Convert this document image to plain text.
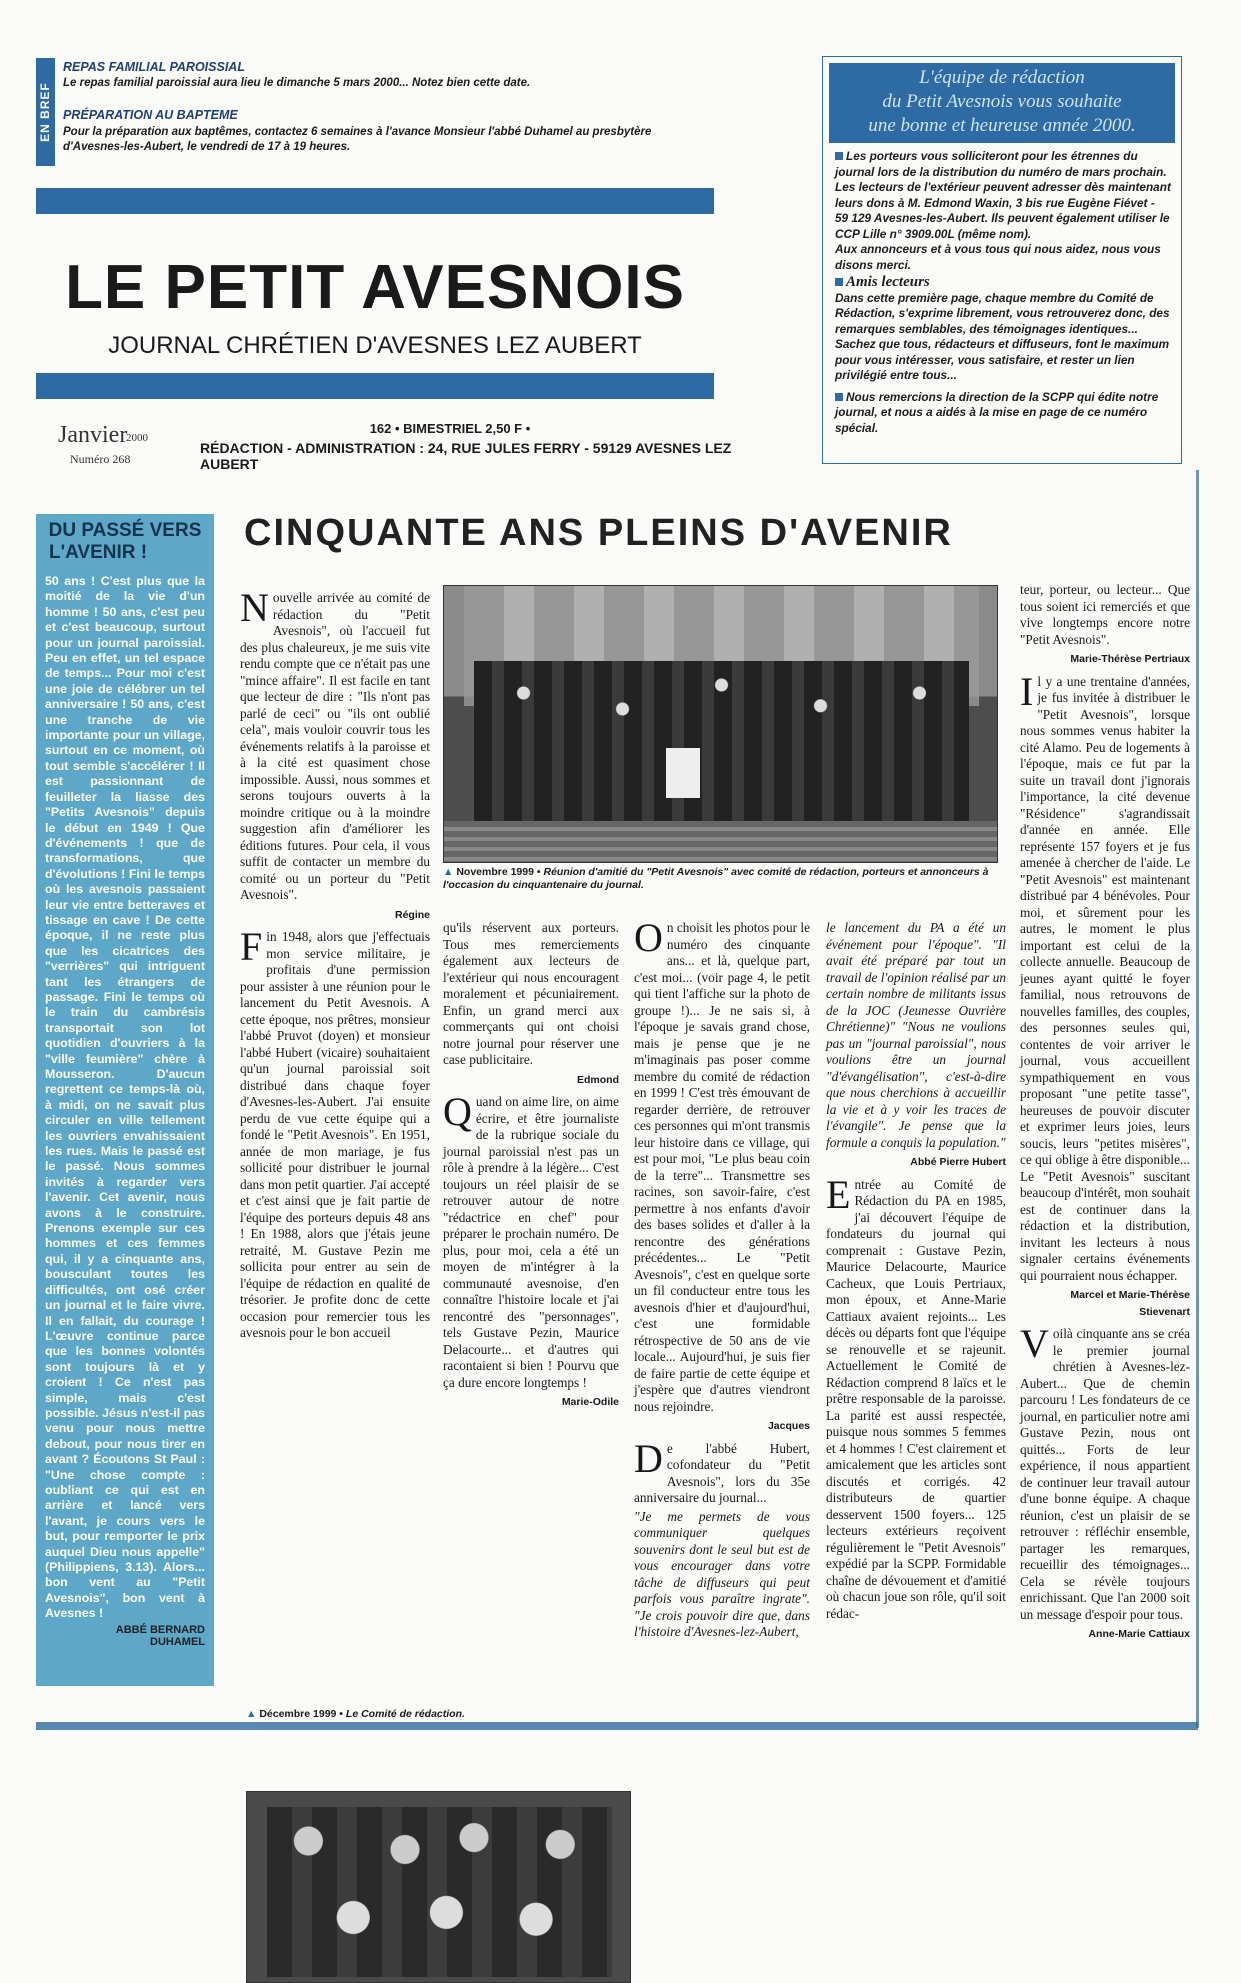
EN BREF
REPAS FAMILIAL PAROISSIAL
Le repas familial paroissial aura lieu le dimanche 5 mars 2000... Notez bien cette date.
PRÉPARATION AU BAPTEME
Pour la préparation aux baptêmes, contactez 6 semaines à l'avance Monsieur l'abbé Duhamel au presbytère d'Avesnes-les-Aubert, le vendredi de 17 à 19 heures.
LE PETIT AVESNOIS
JOURNAL CHRÉTIEN D'AVESNES LEZ AUBERT
Janvier
2000
Numéro 268
162 • BIMESTRIEL 2,50 F •
RÉDACTION - ADMINISTRATION : 24, RUE JULES FERRY - 59129 AVESNES LEZ AUBERT
L'équipe de rédaction
du Petit Avesnois vous souhaite
une bonne et heureuse année 2000.

Les porteurs vous solliciteront pour les étrennes du journal lors de la distribution du numéro de mars prochain. Les lecteurs de l'extérieur peuvent adresser dès maintenant leurs dons à M. Edmond Waxin, 3 bis rue Eugène Fiévet - 59 129 Avesnes-les-Aubert. Ils peuvent également utiliser le CCP Lille n° 3909.00L (même nom).

Aux annonceurs et à vous tous qui nous aidez, nous vous disons merci.

Amis lecteurs

Dans cette première page, chaque membre du Comité de Rédaction, s'exprime librement, vous retrouverez donc, des remarques semblables, des témoignages identiques... Sachez que tous, rédacteurs et diffuseurs, font le maximum pour vous intéresser, vous satisfaire, et rester un lien privilégié entre tous...

Nous remercions la direction de la SCPP qui édite notre journal, et nous a aidés à la mise en page de ce numéro spécial.

DU PASSÉ VERS
L'AVENIR !

50 ans ! C'est plus que la moitié de la vie d'un homme ! 50 ans, c'est peu et c'est beaucoup, surtout pour un journal paroissial. Peu en effet, un tel espace de temps... Pour moi c'est une joie de célébrer un tel anniversaire ! 50 ans, c'est une tranche de vie importante pour un village, surtout en ce moment, où tout semble s'accélérer ! Il est passionnant de feuilleter la liasse des "Petits Avesnois" depuis le début en 1949 ! Que d'événements ! que de transformations, que d'évolutions ! Fini le temps où les avesnois passaient leur vie entre betteraves et tissage en cave ! De cette époque, il ne reste plus que les cicatrices des "verrières" qui intriguent tant les étrangers de passage. Fini le temps où le train du cambrésis transportait son lot quotidien d'ouvriers à la "ville feumière" chère à Mousseron. D'aucun regrettent ce temps-là où, à midi, on ne savait plus circuler en ville tellement les ouvriers envahissaient les rues. Mais le passé est le passé. Nous sommes invités à regarder vers l'avenir. Cet avenir, nous avons à le construire. Prenons exemple sur ces hommes et ces femmes qui, il y a cinquante ans, bousculant toutes les difficultés, ont osé créer un journal et le faire vivre. Il en fallait, du courage ! L'œuvre continue parce que les bonnes volontés sont toujours là et y croient ! Ce n'est pas simple, mais c'est possible. Jésus n'est-il pas venu pour nous mettre debout, pour nous tirer en avant ? Écoutons St Paul : "Une chose compte : oubliant ce qui est en arrière et lancé vers l'avant, je cours vers le but, pour remporter le prix auquel Dieu nous appelle" (Philippiens, 3.13). Alors... bon vent au "Petit Avesnois", bon vent à Avesnes !

ABBÉ BERNARD
DUHAMEL
CINQUANTE ANS PLEINS D'AVENIR
▲ Novembre 1999 • Réunion d'amitié du "Petit Avesnois" avec comité de rédaction, porteurs et annonceurs à l'occasion du cinquantenaire du journal.
N ouvelle arrivée au comité de rédaction du "Petit Avesnois", où l'accueil fut des plus chaleureux, je me suis vite rendu compte que ce n'était pas une "mince affaire". Il est facile en tant que lecteur de dire : "Ils n'ont pas parlé de ceci" ou "ils ont oublié cela", mais vouloir couvrir tous les événements relatifs à la paroisse et à la cité est quasiment chose impossible. Aussi, nous sommes et serons toujours ouverts à la moindre critique ou à la moindre suggestion afin d'améliorer les éditions futures. Pour cela, il vous suffit de contacter un membre du comité ou un porteur du "Petit Avesnois".

Régine
F in 1948, alors que j'effectuais mon service militaire, je profitais d'une permission pour assister à une réunion pour le lancement du Petit Avesnois. A cette époque, nos prêtres, monsieur l'abbé Pruvot (doyen) et monsieur l'abbé Hubert (vicaire) souhaitaient qu'un journal paroissial soit distribué dans chaque foyer d'Avesnes-les-Aubert. J'ai ensuite perdu de vue cette équipe qui a fondé le "Petit Avesnois". En 1951, année de mon mariage, je fus sollicité pour distribuer le journal dans mon petit quartier. J'ai accepté et c'est ainsi que je fait partie de l'équipe des porteurs depuis 48 ans ! En 1988, alors que j'étais jeune retraité, M. Gustave Pezin me sollicita pour entrer au sein de l'équipe de rédaction en qualité de trésorier. Je profite donc de cette occasion pour remercier tous les avesnois pour le bon accueil

▲ Décembre 1999 • Le Comité de rédaction.

qu'ils réservent aux porteurs. Tous mes remerciements également aux lecteurs de l'extérieur qui nous encouragent moralement et pécuniairement. Enfin, un grand merci aux commerçants qui ont choisi notre journal pour réserver une case publicitaire.

Edmond
Q uand on aime lire, on aime écrire, et être journaliste de la rubrique sociale du journal paroissial n'est pas un rôle à prendre à la légère... C'est toujours un réel plaisir de se retrouver autour de notre "rédactrice en chef" pour préparer le prochain numéro. De plus, pour moi, cela a été un moyen de m'intégrer à la communauté avesnoise, d'en connaître l'histoire locale et j'ai rencontré des "personnages", tels Gustave Pezin, Maurice Delacourte... et d'autres qui racontaient si bien ! Pourvu que ça dure encore longtemps !

Marie-Odile
O n choisit les photos pour le numéro des cinquante ans... et là, quelque part, c'est moi... (voir page 4, le petit qui tient l'affiche sur la photo de groupe !)... Je ne sais si, à l'époque je savais grand chose, mais je pense que je ne m'imaginais pas poser comme membre du comité de rédaction en 1999 ! C'est très émouvant de regarder derrière, de retrouver ces personnes qui m'ont transmis leur histoire dans ce village, qui est pour moi, "Le plus beau coin de la terre"... Transmettre ses racines, son savoir-faire, c'est permettre à nos enfants d'avoir des bases solides et d'aller à la rencontre des générations précédentes... Le "Petit Avesnois", c'est en quelque sorte un fil conducteur entre tous les avesnois d'hier et d'aujourd'hui, c'est une formidable rétrospective de 50 ans de vie locale... Aujourd'hui, je suis fier de faire partie de cette équipe et j'espère que d'autres viendront nous rejoindre.

Jacques
D e l'abbé Hubert, cofondateur du "Petit Avesnois", lors du 35e anniversaire du journal...

"Je me permets de vous communiquer quelques souvenirs dont le seul but est de vous encourager dans votre tâche de diffuseurs qui peut parfois vous paraître ingrate". "Je crois pouvoir dire que, dans l'histoire d'Avesnes-lez-Aubert,

le lancement du PA a été un événement pour l'époque". "Il avait été préparé par tout un travail de l'opinion réalisé par un certain nombre de militants issus de la JOC (Jeunesse Ouvrière Chrétienne)" "Nous ne voulions pas un "journal paroissial", nous voulions être un journal "d'évangélisation", c'est-à-dire que nous cherchions à accueillir la vie et à y voir les traces de l'évangile". Je pense que la formule a conquis la population."

Abbé Pierre Hubert
E ntrée au Comité de Rédaction du PA en 1985, j'ai découvert l'équipe de fondateurs du journal qui comprenait : Gustave Pezin, Maurice Delacourte, Maurice Cacheux, que Louis Pertriaux, mon époux, et Anne-Marie Cattiaux avaient rejoints... Les décès ou départs font que l'équipe se renouvelle et se rajeunit. Actuellement le Comité de Rédaction comprend 8 laïcs et le prêtre responsable de la paroisse. La parité est aussi respectée, puisque nous sommes 5 femmes et 4 hommes ! C'est clairement et amicalement que les articles sont discutés et corrigés. 42 distributeurs de quartier desservent 1500 foyers... 125 lecteurs extérieurs reçoivent régulièrement le "Petit Avesnois" expédié par la SCPP. Formidable chaîne de dévouement et d'amitié où chacun joue son rôle, qu'il soit rédac-

teur, porteur, ou lecteur... Que tous soient ici remerciés et que vive longtemps encore notre "Petit Avesnois".

Marie-Thérèse Pertriaux
I l y a une trentaine d'années, je fus invitée à distribuer le "Petit Avesnois", lorsque nous sommes venus habiter la cité Alamo. Peu de logements à l'époque, mais ce fut par la suite un travail dont j'ignorais l'importance, la cité devenue "Résidence" s'agrandissait d'année en année. Elle représente 157 foyers et je fus amenée à chercher de l'aide. Le "Petit Avesnois" est maintenant distribué par 4 bénévoles. Pour moi, et sûrement pour les autres, le moment le plus important est celui de la collecte annuelle. Beaucoup de jeunes ayant quitté le foyer familial, nous retrouvons de nouvelles familles, des couples, des personnes seules qui, contentes de voir arriver le journal, vous accueillent sympathiquement en vous proposant "une petite tasse", heureuses de pouvoir discuter et exprimer leurs joies, leurs soucis, leurs "petites misères", ce qui oblige à être disponible... Le "Petit Avesnois" suscitant beaucoup d'intérêt, mon souhait est de continuer dans la rédaction et la distribution, invitant les lecteurs à nous signaler certains événements qui pourraient nous échapper.

Marcel et Marie-Thérèse
Stievenart
V oilà cinquante ans se créa le premier journal chrétien à Avesnes-lez-Aubert... Que de chemin parcouru ! Les fondateurs de ce journal, en particulier notre ami Gustave Pezin, nous ont quittés... Forts de leur expérience, il nous appartient de continuer leur travail autour d'une bonne équipe. A chaque réunion, c'est un plaisir de se retrouver : réfléchir ensemble, partager les remarques, recueillir des témoignages... Cela se révèle toujours enrichissant. Que l'an 2000 soit un message d'espoir pour tous.

Anne-Marie Cattiaux
